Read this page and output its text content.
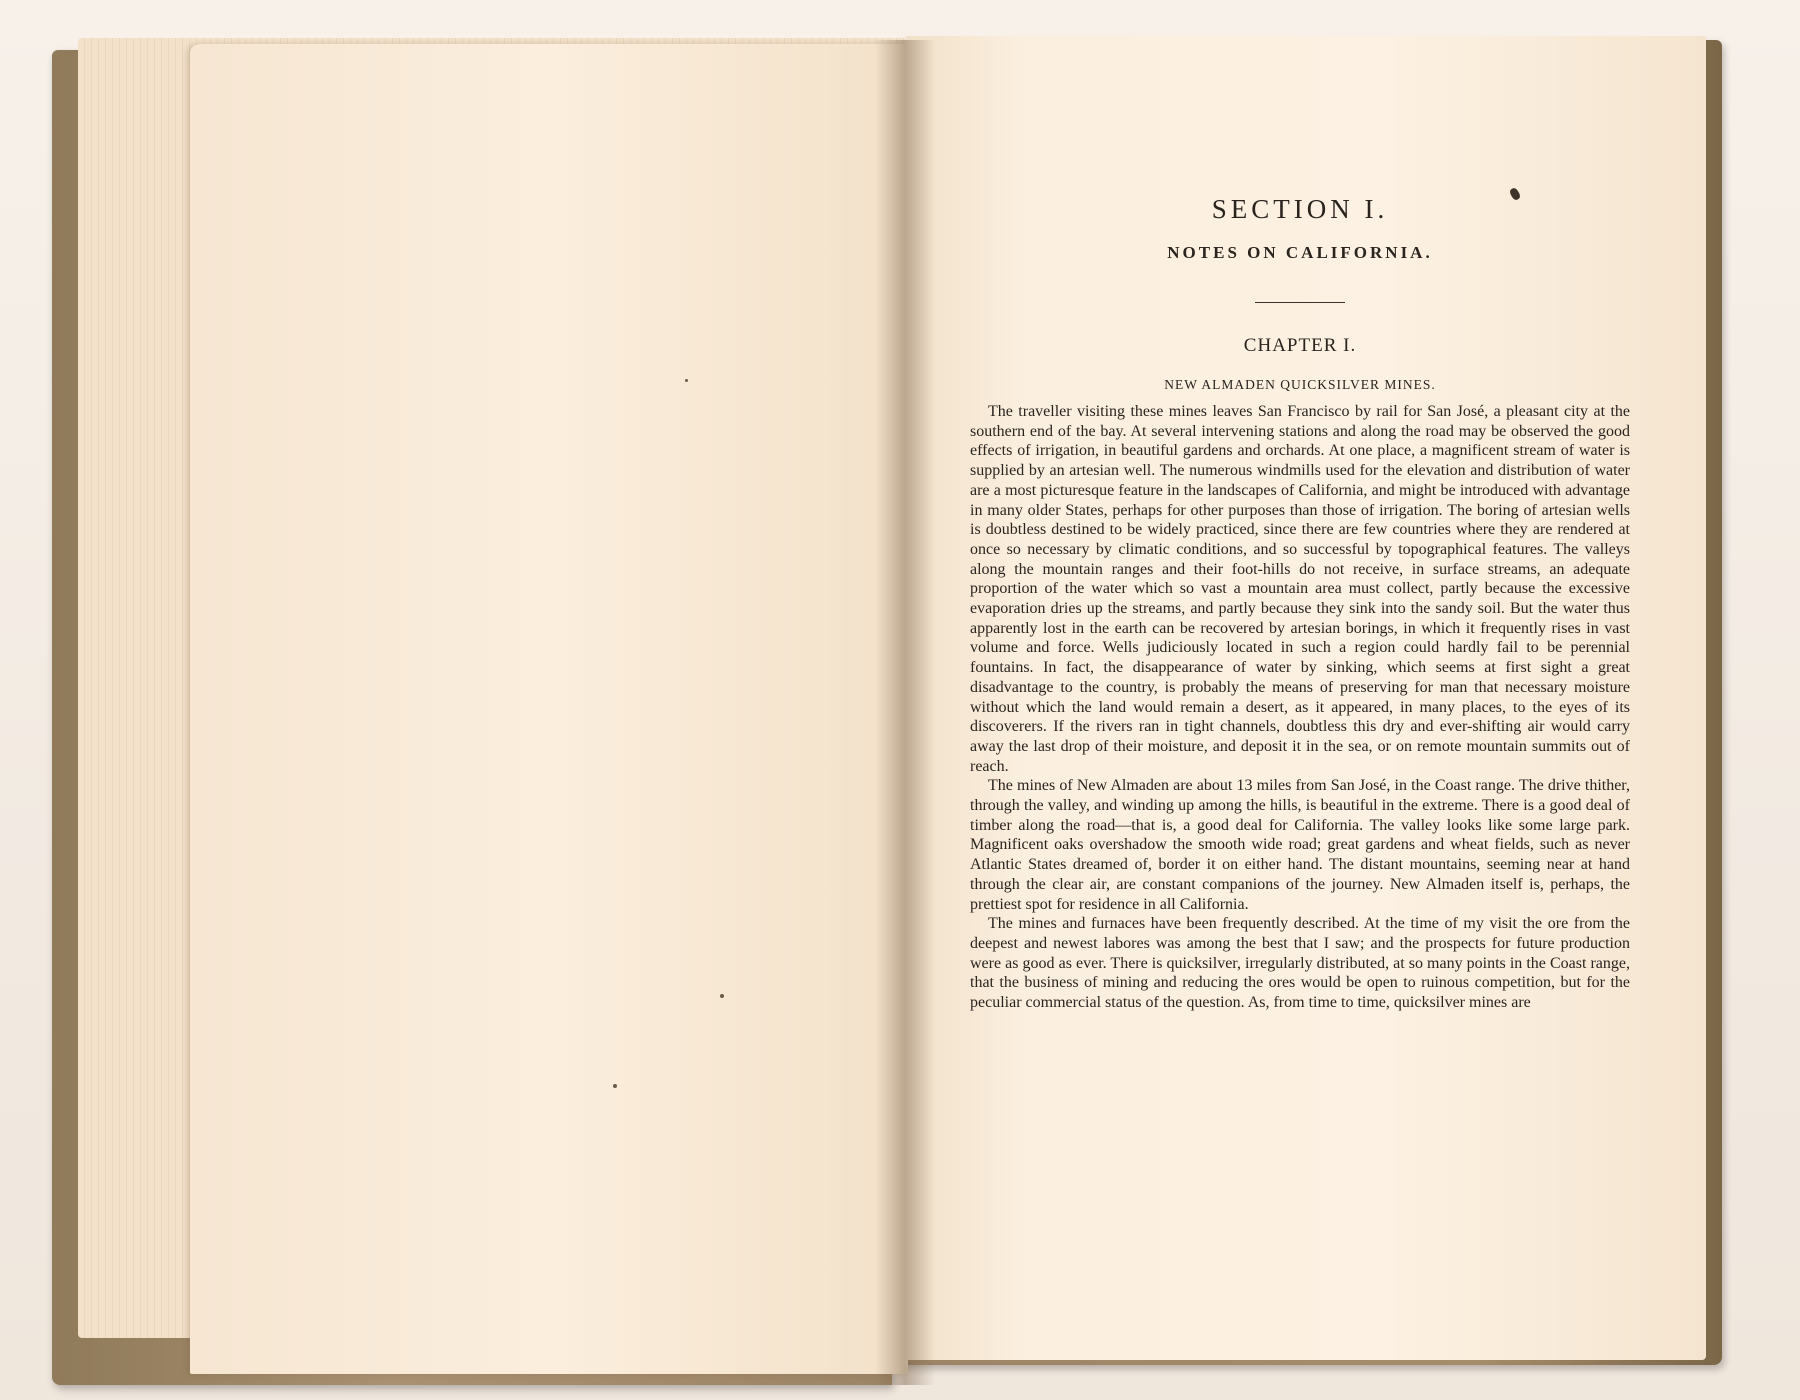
SECTION I.
NOTES ON CALIFORNIA.
CHAPTER I.
NEW ALMADEN QUICKSILVER MINES.

The traveller visiting these mines leaves San Francisco by rail for San José, a pleasant city at the southern end of the bay. At several intervening stations and along the road may be observed the good effects of irrigation, in beautiful gardens and orchards. At one place, a magnificent stream of water is supplied by an artesian well. The numerous windmills used for the elevation and distribution of water are a most picturesque feature in the landscapes of California, and might be introduced with advantage in many older States, perhaps for other purposes than those of irrigation. The boring of artesian wells is doubtless destined to be widely practiced, since there are few countries where they are rendered at once so necessary by climatic conditions, and so successful by topographical features. The valleys along the mountain ranges and their foot-hills do not receive, in surface streams, an adequate proportion of the water which so vast a mountain area must collect, partly because the excessive evaporation dries up the streams, and partly because they sink into the sandy soil. But the water thus apparently lost in the earth can be recovered by artesian borings, in which it frequently rises in vast volume and force. Wells judiciously located in such a region could hardly fail to be perennial fountains. In fact, the disappearance of water by sinking, which seems at first sight a great disadvantage to the country, is probably the means of preserving for man that necessary moisture without which the land would remain a desert, as it appeared, in many places, to the eyes of its discoverers. If the rivers ran in tight channels, doubtless this dry and ever-shifting air would carry away the last drop of their moisture, and deposit it in the sea, or on remote mountain summits out of reach.

The mines of New Almaden are about 13 miles from San José, in the Coast range. The drive thither, through the valley, and winding up among the hills, is beautiful in the extreme. There is a good deal of timber along the road—that is, a good deal for California. The valley looks like some large park. Magnificent oaks overshadow the smooth wide road; great gardens and wheat fields, such as never Atlantic States dreamed of, border it on either hand. The distant mountains, seeming near at hand through the clear air, are constant companions of the journey. New Almaden itself is, perhaps, the prettiest spot for residence in all California.

The mines and furnaces have been frequently described. At the time of my visit the ore from the deepest and newest labores was among the best that I saw; and the prospects for future production were as good as ever. There is quicksilver, irregularly distributed, at so many points in the Coast range, that the business of mining and reducing the ores would be open to ruinous competition, but for the peculiar commercial status of the question. As, from time to time, quicksilver mines are
